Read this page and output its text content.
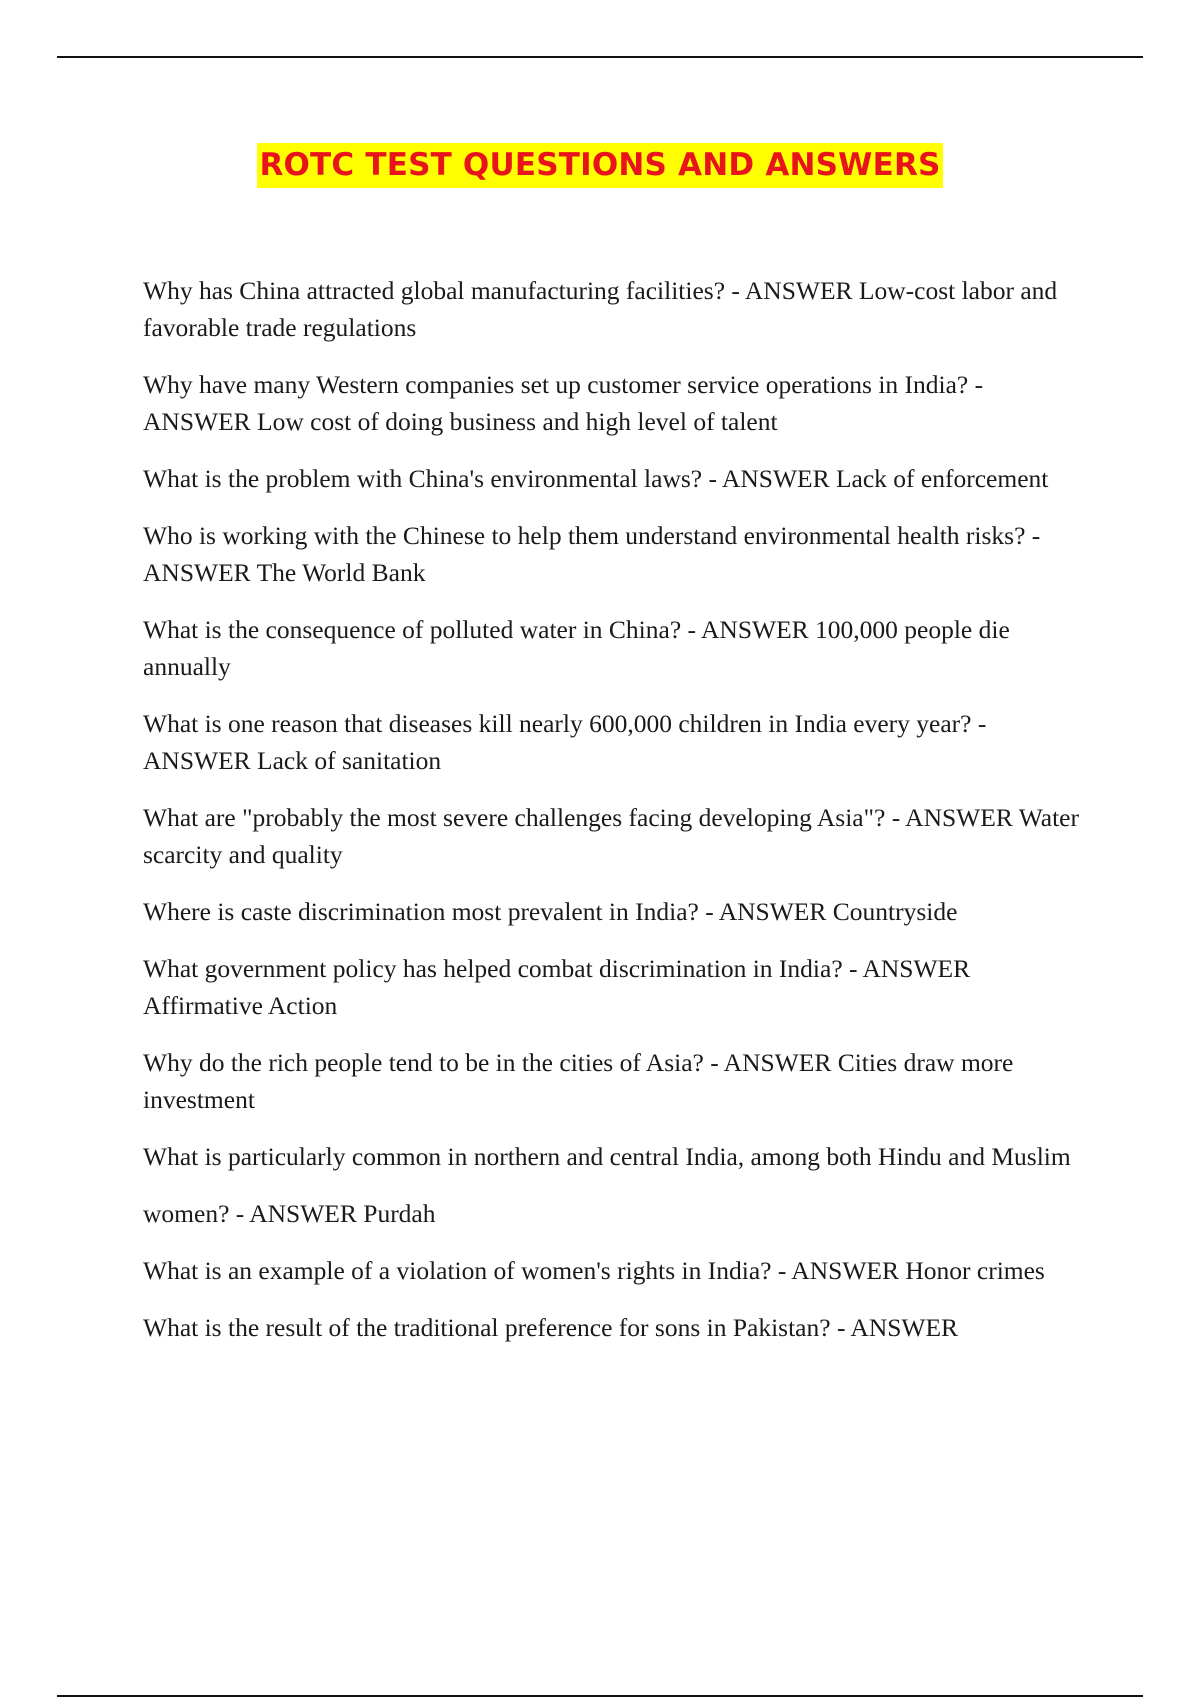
ROTC TEST QUESTIONS AND ANSWERS
Why has China attracted global manufacturing facilities? - ANSWER Low-cost labor and favorable trade regulations
Why have many Western companies set up customer service operations in India? - ANSWER Low cost of doing business and high level of talent
What is the problem with China's environmental laws? - ANSWER Lack of enforcement
Who is working with the Chinese to help them understand environmental health risks? - ANSWER The World Bank
What is the consequence of polluted water in China? - ANSWER 100,000 people die annually
What is one reason that diseases kill nearly 600,000 children in India every year? - ANSWER Lack of sanitation
What are "probably the most severe challenges facing developing Asia"? - ANSWER Water scarcity and quality
Where is caste discrimination most prevalent in India? - ANSWER Countryside
What government policy has helped combat discrimination in India? - ANSWER Affirmative Action
Why do the rich people tend to be in the cities of Asia? - ANSWER Cities draw more investment
What is particularly common in northern and central India, among both Hindu and Muslim
women? - ANSWER Purdah
What is an example of a violation of women's rights in India? - ANSWER Honor crimes
What is the result of the traditional preference for sons in Pakistan? - ANSWER
